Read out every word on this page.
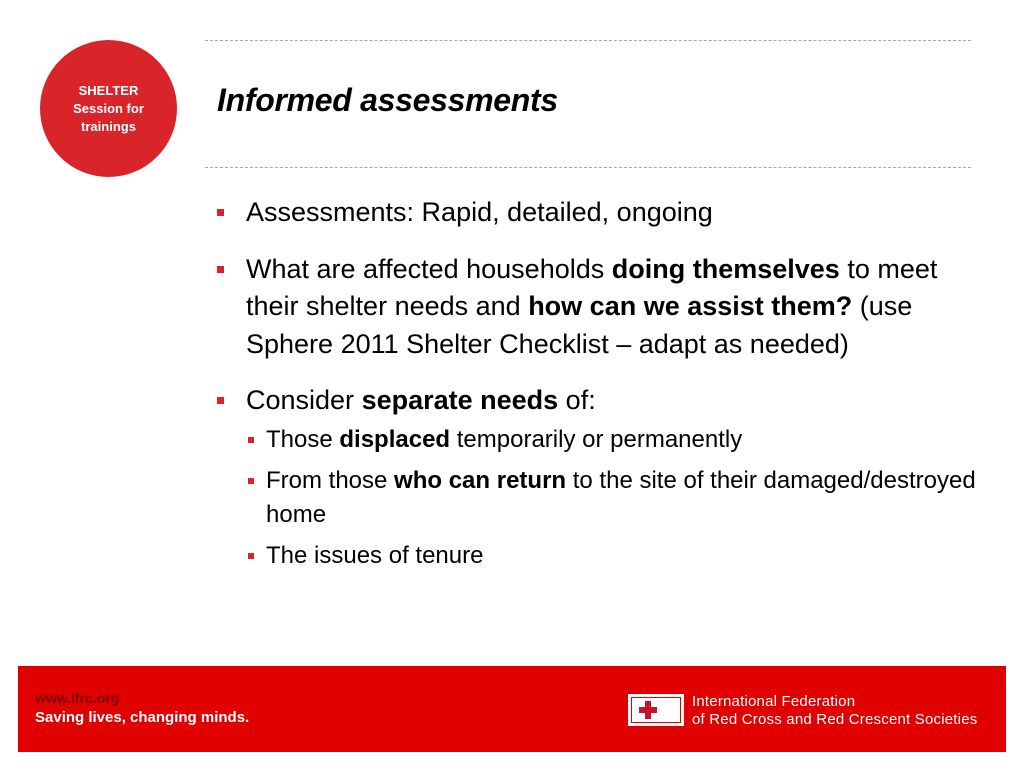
SHELTER
Session for
trainings
Informed assessments
Assessments: Rapid, detailed, ongoing
What are affected households doing themselves to meet their shelter needs and how can we assist them? (use Sphere 2011 Shelter Checklist – adapt as needed)
Consider separate needs of:
Those displaced temporarily or permanently
From those who can return to the site of their damaged/destroyed home
The issues of tenure
www.ifrc.org
Saving lives, changing minds.
International Federation
of Red Cross and Red Crescent Societies
